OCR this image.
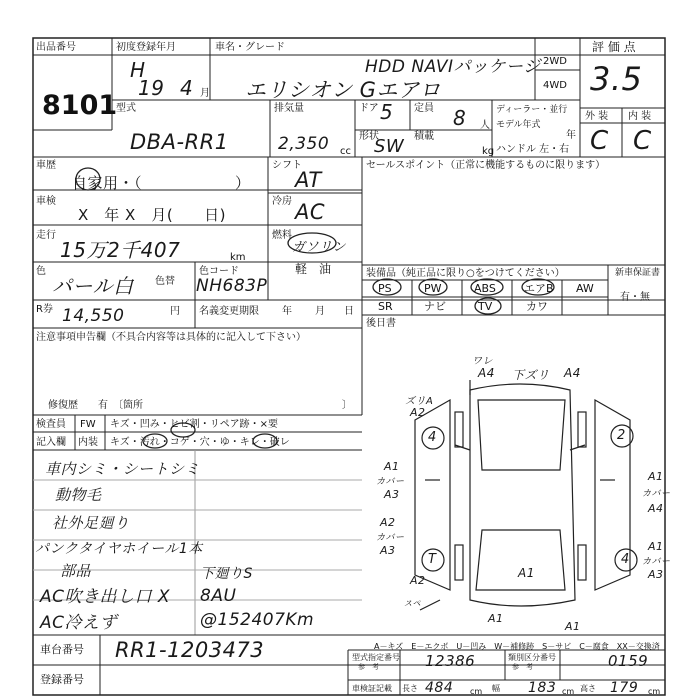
出品番号
8101
初度登録年月
H
19 4 月
車名・グレード
HDD NAVIパッケージ
エリシオン Gエアロ
2WD
4WD
評 価 点
3.5
外 装 内 装
C C
型式
DBA-RR1
排気量
2,350 cc
ドア 5 定員 8 人
ディーラー・並行
モデル年式
年
形状
SW 積載
kg ハンドル 左・右
車歴
自家用・（　　　　　　）
車検
X　年 X　月(　　日)
シフト
AT
冷房 AC
走行
15万2千407	km
燃料
ガソリン
軽　油
色
パール白 色替
色コード
NH683P
R券 14,550	円 名義変更期限 年 月 日
セールスポイント（正常に機能するものに限ります）
装備品（純正品に限り○をつけてください）	新車保証書
有・無
PS	PW	ABS	エアB AW
SR	ナビ	TV	カワ
後日書
注意事項申告欄（不具合内容等は具体的に記入して下さい）
修復歴　　有　〔箇所	〕
検査員 FW キズ・凹み・ヒビ割・リペア跡・×要
記入欄 内装 キズ・汚れ・コゲ・穴・ゆ・キレ・破レ
車内シミ・シートシミ
動物毛
社外足廻り
パンクタイヤホイール1本
部品
AC吹き出し口 X
AC冷えず
下廻りS
8AU
@152407Km
ワレ
A4 下ズリ A4
ズリA
A2
A1
カバー
A3
A2
カバー
A3
A2
A1
A1
カバー
A4
A1
カバー
A3
A1
A1
スペ
4	2
4
T
A－キズ　E－エクボ　U－凹み　W－補修跡　S－サビ　C－腐食　XX－交換済
車台番号 RR1-1203473
登録番号
型式指定番号
参　考	12386	類別区分番号
参　考	0159
車検証記載 長さ 484 cm 幅 183 cm 高さ 179 cm
